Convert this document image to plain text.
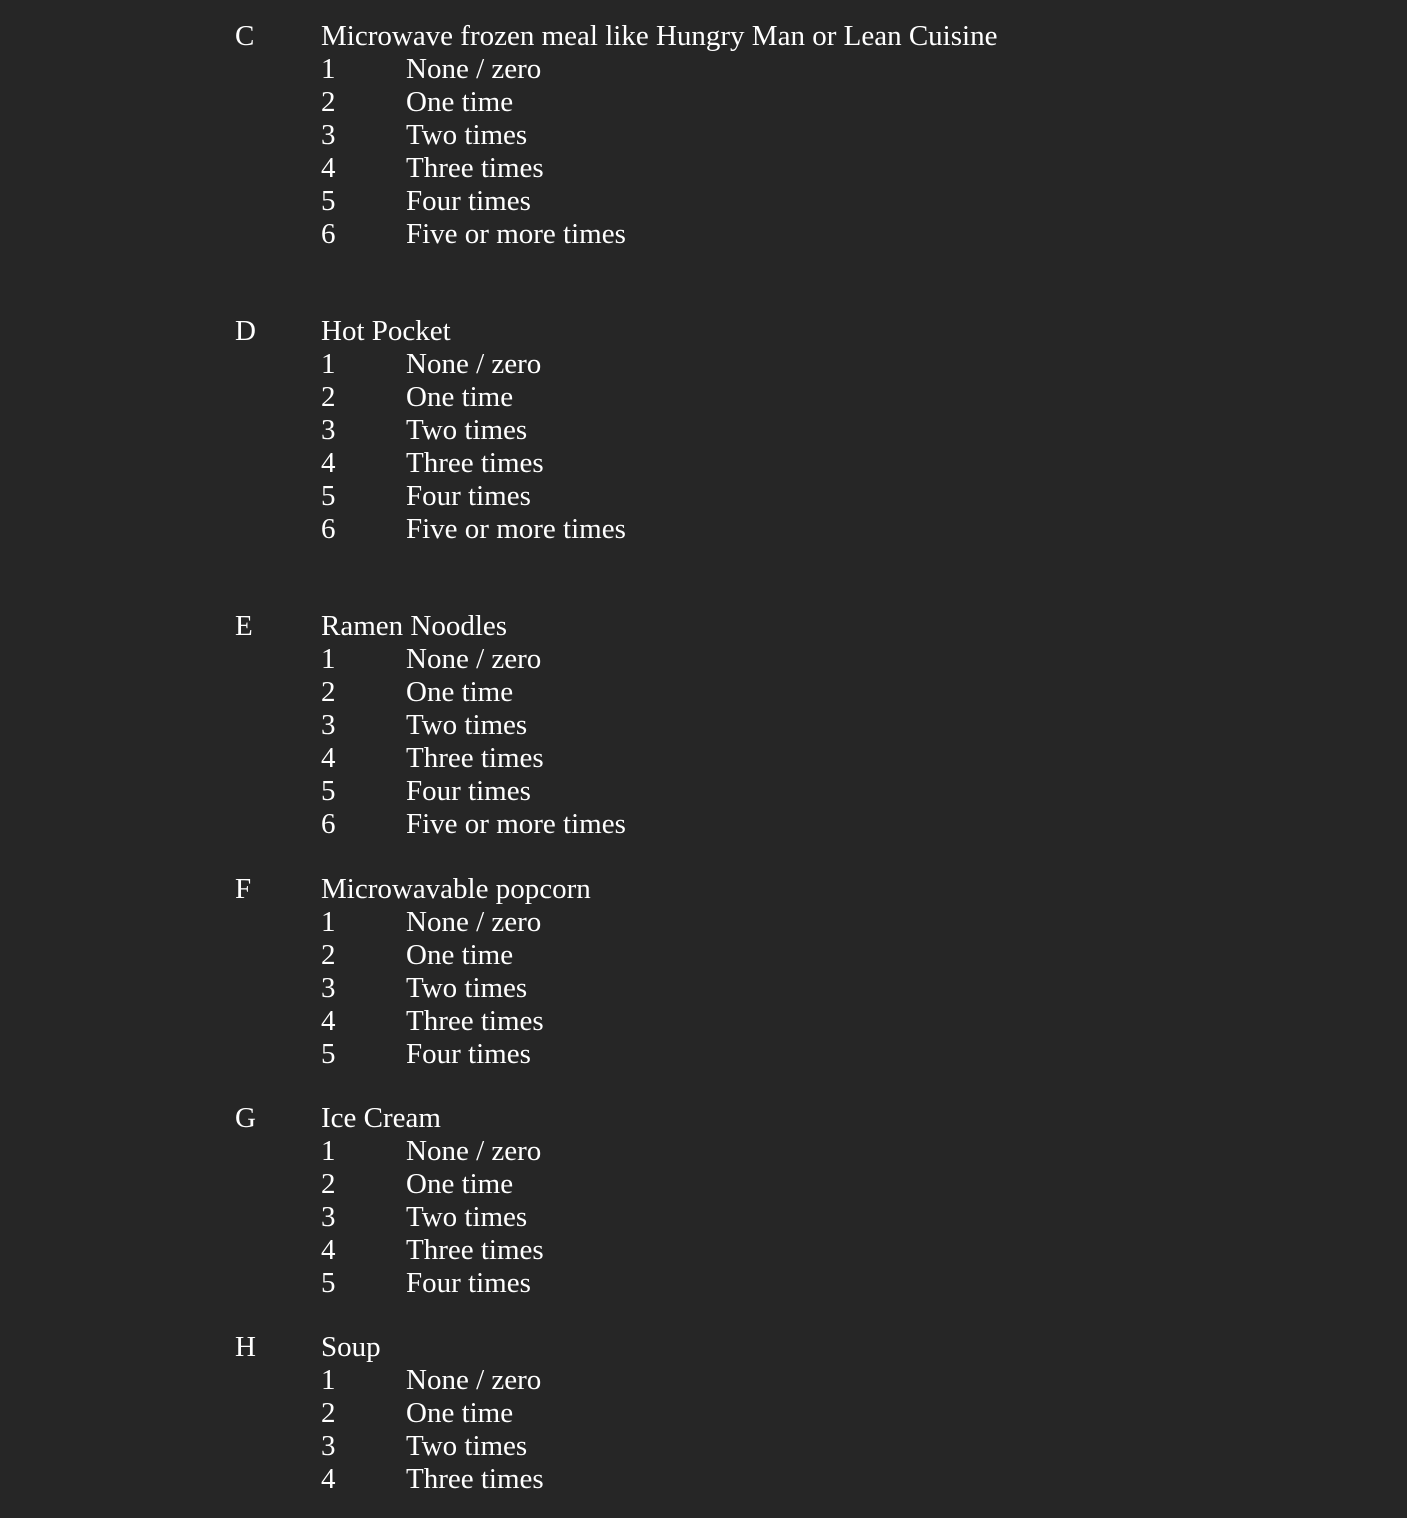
C Microwave frozen meal like Hungry Man or Lean Cuisine
1 None / zero
2 One time
3 Two times
4 Three times
5 Four times
6 Five or more times
D Hot Pocket
1 None / zero
2 One time
3 Two times
4 Three times
5 Four times
6 Five or more times
E Ramen Noodles
1 None / zero
2 One time
3 Two times
4 Three times
5 Four times
6 Five or more times
F Microwavable popcorn
1 None / zero
2 One time
3 Two times
4 Three times
5 Four times
G Ice Cream
1 None / zero
2 One time
3 Two times
4 Three times
5 Four times
H Soup
1 None / zero
2 One time
3 Two times
4 Three times
